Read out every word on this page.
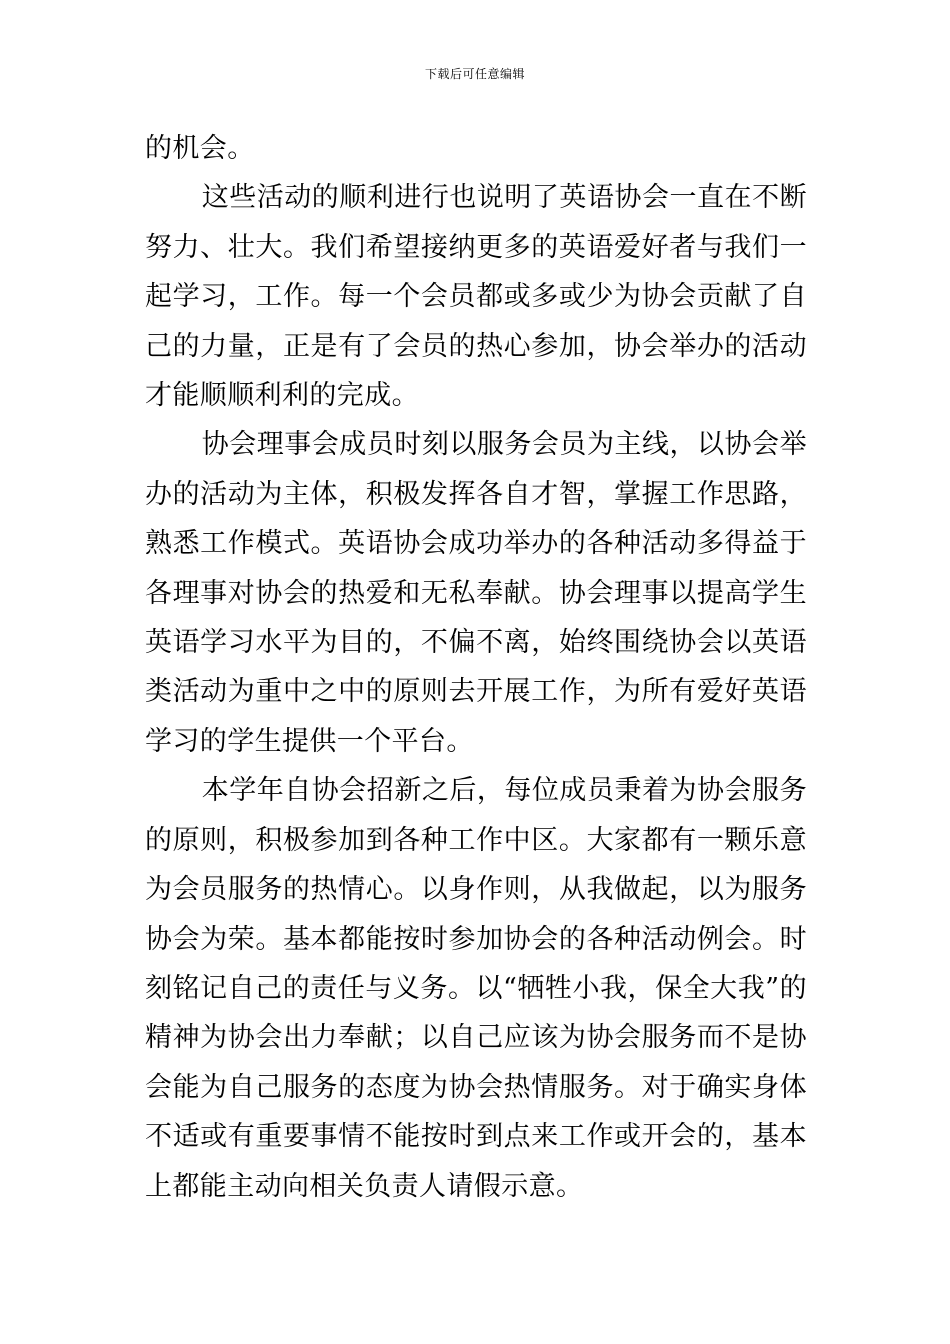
下载后可任意编辑

的机会。

这些活动的顺利进行也说明了英语协会一直在不断努力、壮大。我们希望接纳更多的英语爱好者与我们一起学习，工作。每一个会员都或多或少为协会贡献了自己的力量，正是有了会员的热心参加，协会举办的活动才能顺顺利利的完成。

协会理事会成员时刻以服务会员为主线，以协会举办的活动为主体，积极发挥各自才智，掌握工作思路，熟悉工作模式。英语协会成功举办的各种活动多得益于各理事对协会的热爱和无私奉献。协会理事以提高学生英语学习水平为目的，不偏不离，始终围绕协会以英语类活动为重中之中的原则去开展工作，为所有爱好英语学习的学生提供一个平台。

本学年自协会招新之后，每位成员秉着为协会服务的原则，积极参加到各种工作中区。大家都有一颗乐意为会员服务的热情心。以身作则，从我做起，以为服务协会为荣。基本都能按时参加协会的各种活动例会。时刻铭记自己的责任与义务。以“牺牲小我，保全大我”的精神为协会出力奉献；以自己应该为协会服务而不是协会能为自己服务的态度为协会热情服务。对于确实身体不适或有重要事情不能按时到点来工作或开会的，基本上都能主动向相关负责人请假示意。
